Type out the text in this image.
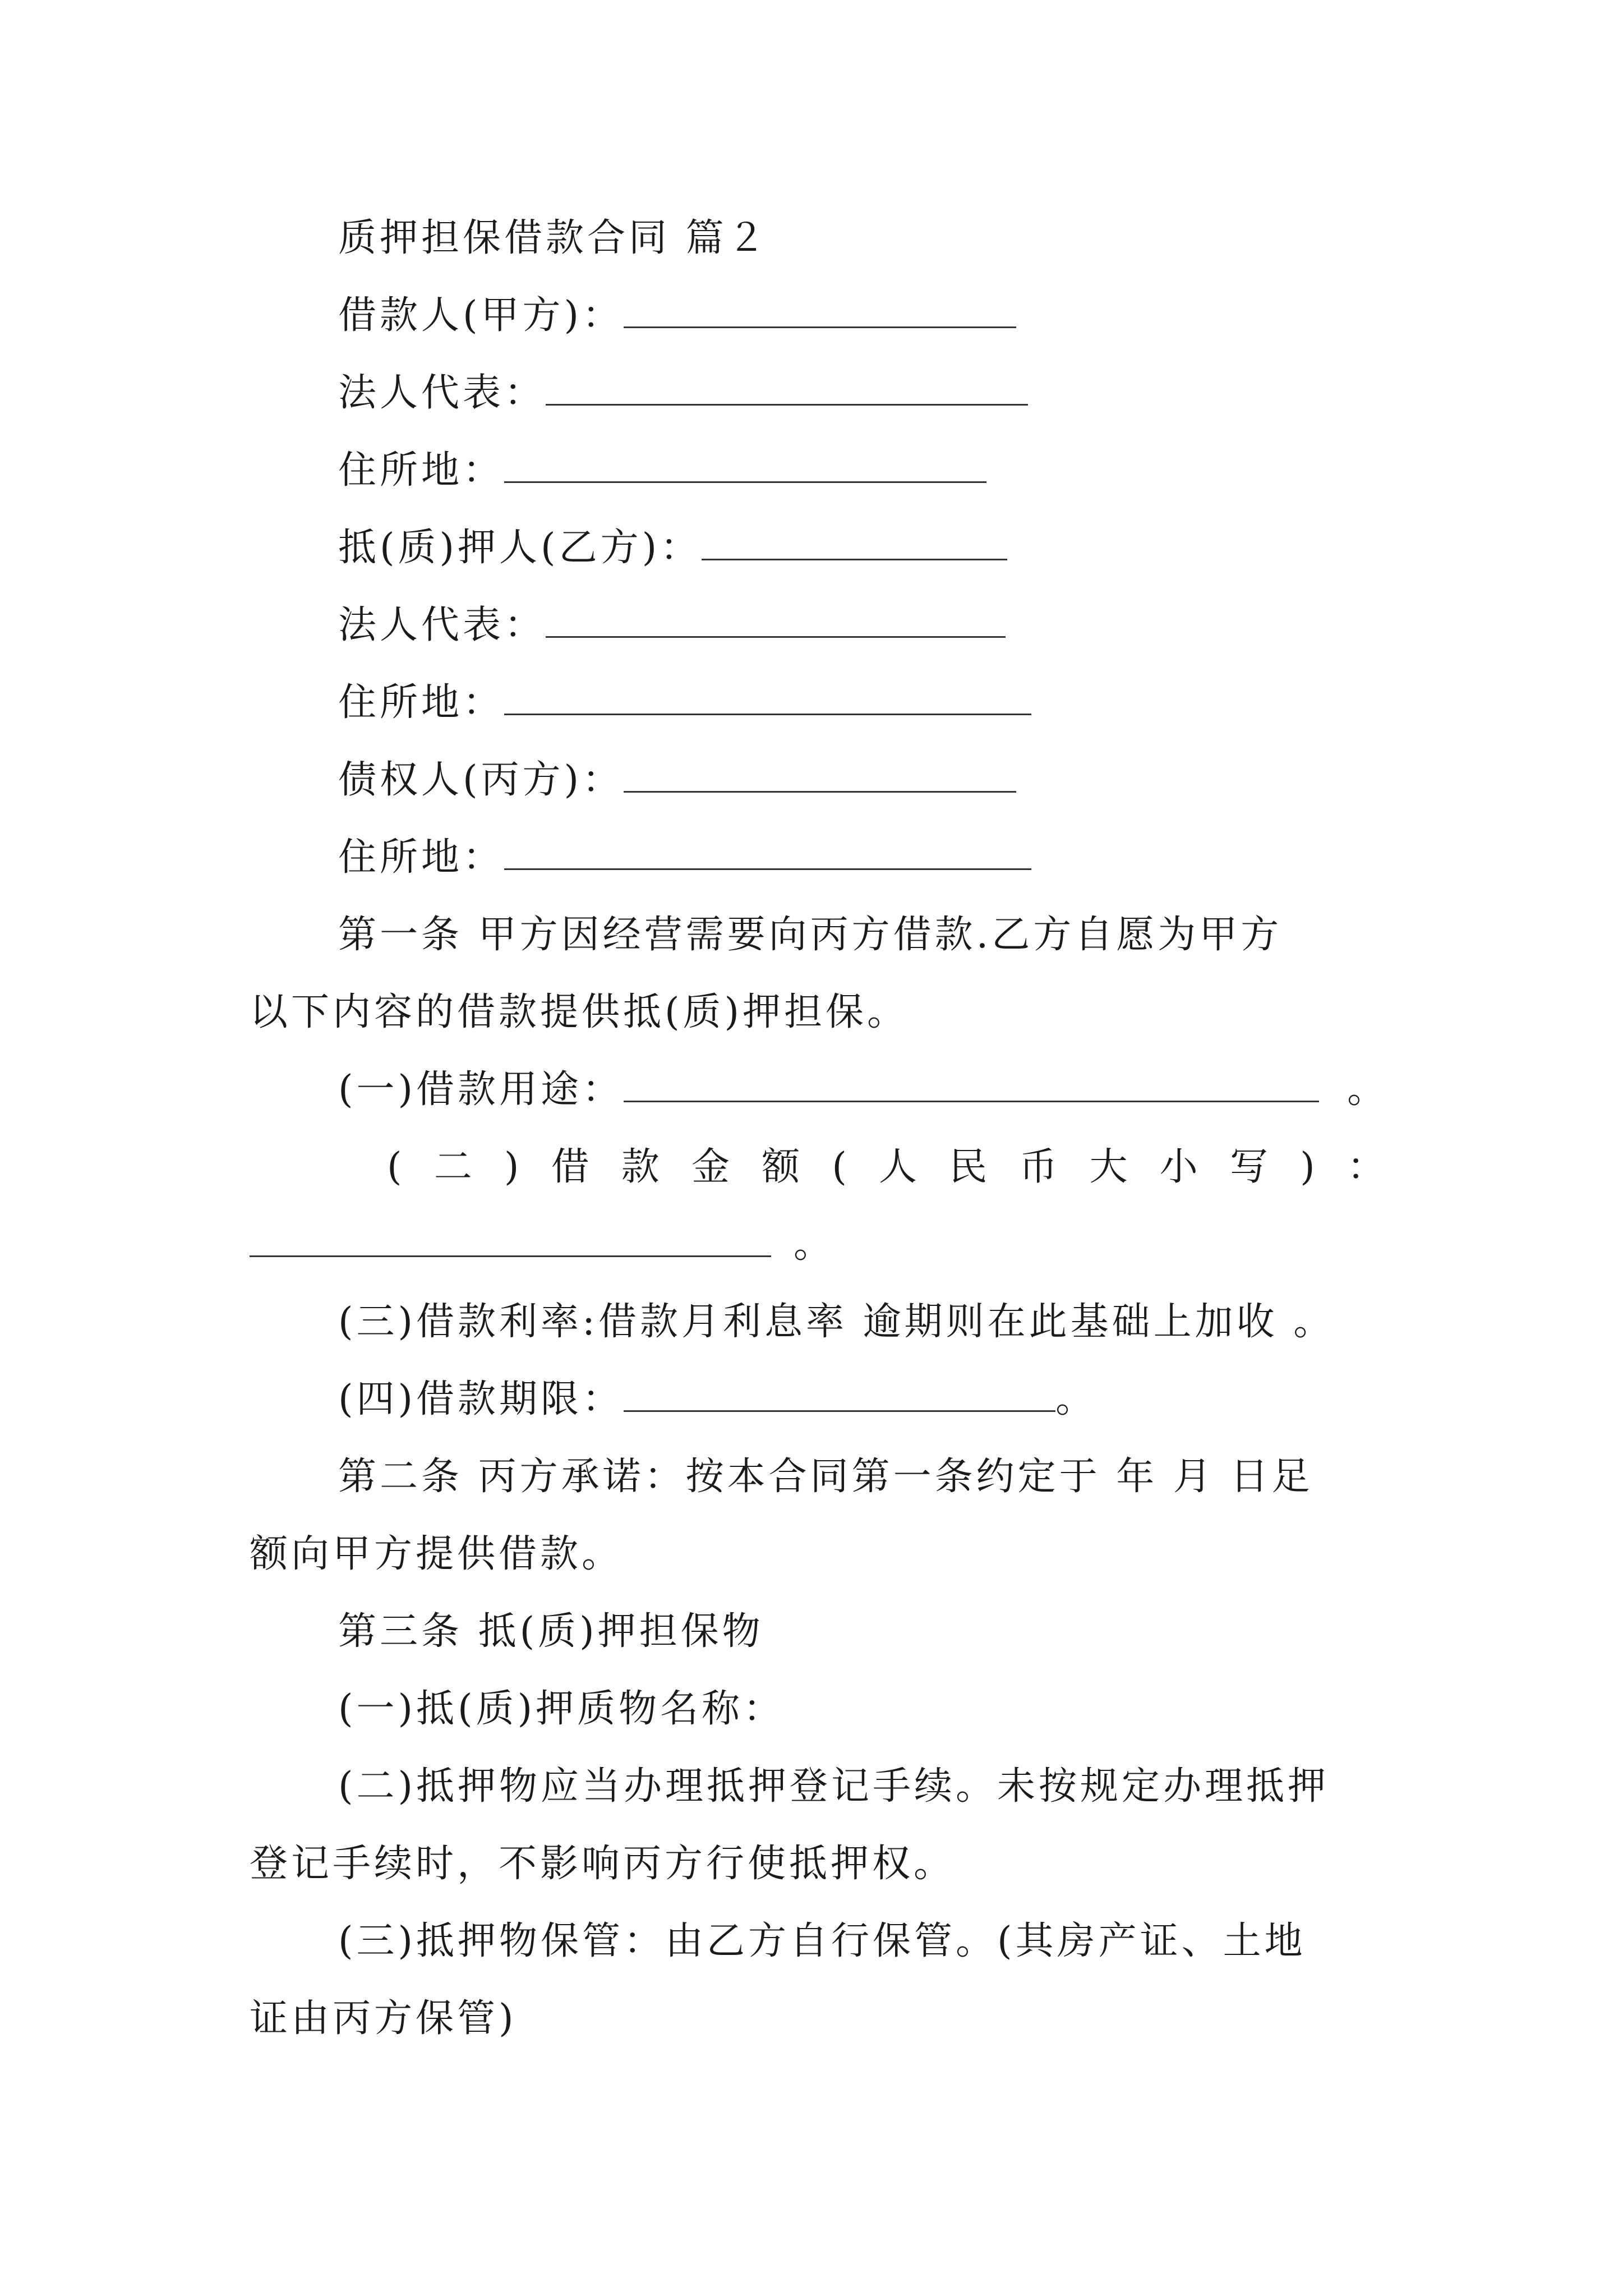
质押担保借款合同 篇２
借款人(甲方)：
法人代表：
住所地：
抵(质)押人(乙方)：
法人代表：
住所地：
债权人(丙方)：
住所地：
第一条 甲方因经营需要向丙方借款.乙方自愿为甲方
以下内容的借款提供抵(质)押担保。
(一)借款用途：	。
( 二 ) 借 款 金 额 ( 人 民 币 大 小 写 ) ：
。
(三)借款利率:借款月利息率 逾期则在此基础上加收 。
(四)借款期限：	。
第二条 丙方承诺：按本合同第一条约定于 年 月 日足
额向甲方提供借款。
第三条 抵(质)押担保物
(一)抵(质)押质物名称：
(二)抵押物应当办理抵押登记手续。未按规定办理抵押
登记手续时，不影响丙方行使抵押权。
(三)抵押物保管：由乙方自行保管。(其房产证、土地
证由丙方保管)
